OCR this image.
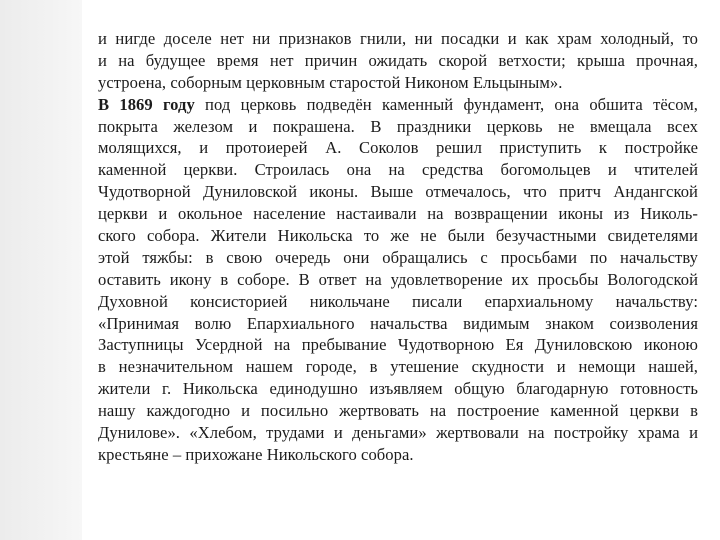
и нигде доселе нет ни признаков гнили, ни посадки и как храм холодный, то
и на будущее время нет причин ожидать скорой ветхости; крыша прочная,
устроена, соборным церковным старостой Никоном Ельцыным».
В 1869 году под церковь подведён каменный фундамент, она обшита тёсом,
покрыта железом и покрашена. В праздники церковь не вмещала всех
молящихся, и протоиерей А. Соколов решил приступить к постройке
каменной церкви. Строилась она на средства богомольцев и чтителей
Чудотворной Дуниловской иконы. Выше отмечалось, что притч Андангской
церкви и окольное население настаивали на возвращении иконы из Николь-
ского собора. Жители Никольска то же не были безучастными свидетелями
этой тяжбы: в свою очередь они обращались с просьбами по начальству
оставить икону в соборе. В ответ на удовлетворение их просьбы Вологодской
Духовной консисторией никольчане писали епархиальному начальству:
«Принимая волю Епархиального начальства видимым знаком соизволения
Заступницы Усердной на пребывание Чудотворною Ея Дуниловскою иконою
в незначительном нашем городе, в утешение скудности и немощи нашей,
жители г. Никольска единодушно изъявляем общую благодарную готовность
нашу каждогодно и посильно жертвовать на построение каменной церкви в
Дунилове». «Хлебом, трудами и деньгами» жертвовали на постройку храма и
крестьяне – прихожане Никольского собора.
